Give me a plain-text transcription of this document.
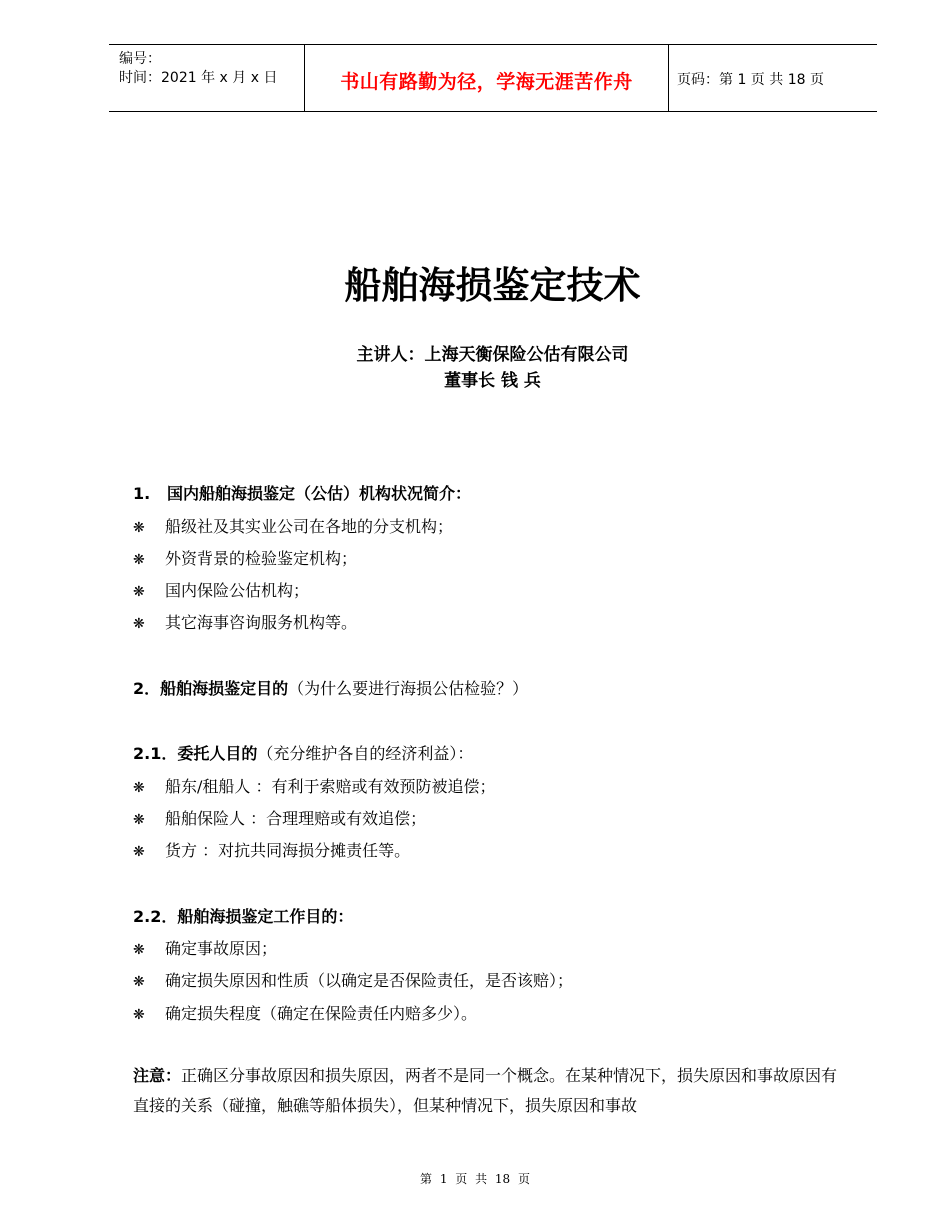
编号：
时间：2021 年 x 月 x 日	书山有路勤为径，学海无涯苦作舟	页码：第 1 页 共 18 页
船舶海损鉴定技术
主讲人：上海天衡保险公估有限公司
董事长 钱 兵
1. 国内船舶海损鉴定（公估）机构状况简介：
❋ 船级社及其实业公司在各地的分支机构；
❋ 外资背景的检验鉴定机构；
❋ 国内保险公估机构；
❋ 其它海事咨询服务机构等。
2．船舶海损鉴定目的（为什么要进行海损公估检验？）
2.1．委托人目的（充分维护各自的经济利益）：
❋ 船东/租船人 ：有利于索赔或有效预防被追偿；
❋ 船舶保险人 ：合理理赔或有效追偿；
❋ 货方 ：对抗共同海损分摊责任等。
2.2．船舶海损鉴定工作目的：
❋ 确定事故原因；
❋ 确定损失原因和性质（以确定是否保险责任，是否该赔）；
❋ 确定损失程度（确定在保险责任内赔多少）。
注意：正确区分事故原因和损失原因，两者不是同一个概念。在某种情况下，损失原因和事故原因有直接的关系（碰撞，触礁等船体损失），但某种情况下，损失原因和事故
第 1 页 共 18 页
